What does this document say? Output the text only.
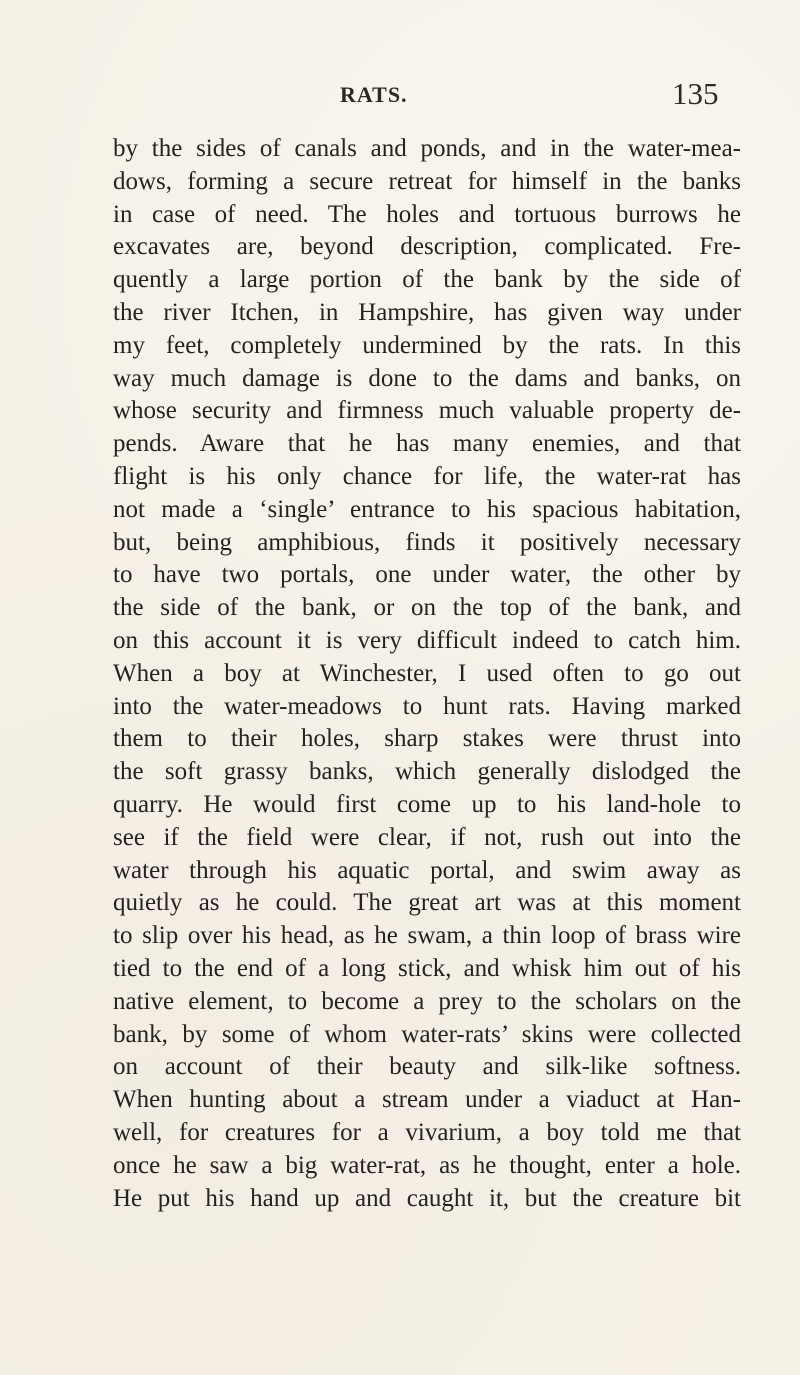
RATS.	135
by the sides of canals and ponds, and in the water-mea-
dows, forming a secure retreat for himself in the banks
in case of need. The holes and tortuous burrows he
excavates are, beyond description, complicated. Fre-
quently a large portion of the bank by the side of
the river Itchen, in Hampshire, has given way under
my feet, completely undermined by the rats. In this
way much damage is done to the dams and banks, on
whose security and firmness much valuable property de-
pends. Aware that he has many enemies, and that
flight is his only chance for life, the water-rat has
not made a ‘single’ entrance to his spacious habitation,
but, being amphibious, finds it positively necessary
to have two portals, one under water, the other by
the side of the bank, or on the top of the bank, and
on this account it is very difficult indeed to catch him.
When a boy at Winchester, I used often to go out
into the water-meadows to hunt rats. Having marked
them to their holes, sharp stakes were thrust into
the soft grassy banks, which generally dislodged the
quarry. He would first come up to his land-hole to
see if the field were clear, if not, rush out into the
water through his aquatic portal, and swim away as
quietly as he could. The great art was at this moment
to slip over his head, as he swam, a thin loop of brass wire
tied to the end of a long stick, and whisk him out of his
native element, to become a prey to the scholars on the
bank, by some of whom water-rats’ skins were collected
on account of their beauty and silk-like softness.
When hunting about a stream under a viaduct at Han-
well, for creatures for a vivarium, a boy told me that
once he saw a big water-rat, as he thought, enter a hole.
He put his hand up and caught it, but the creature bit
